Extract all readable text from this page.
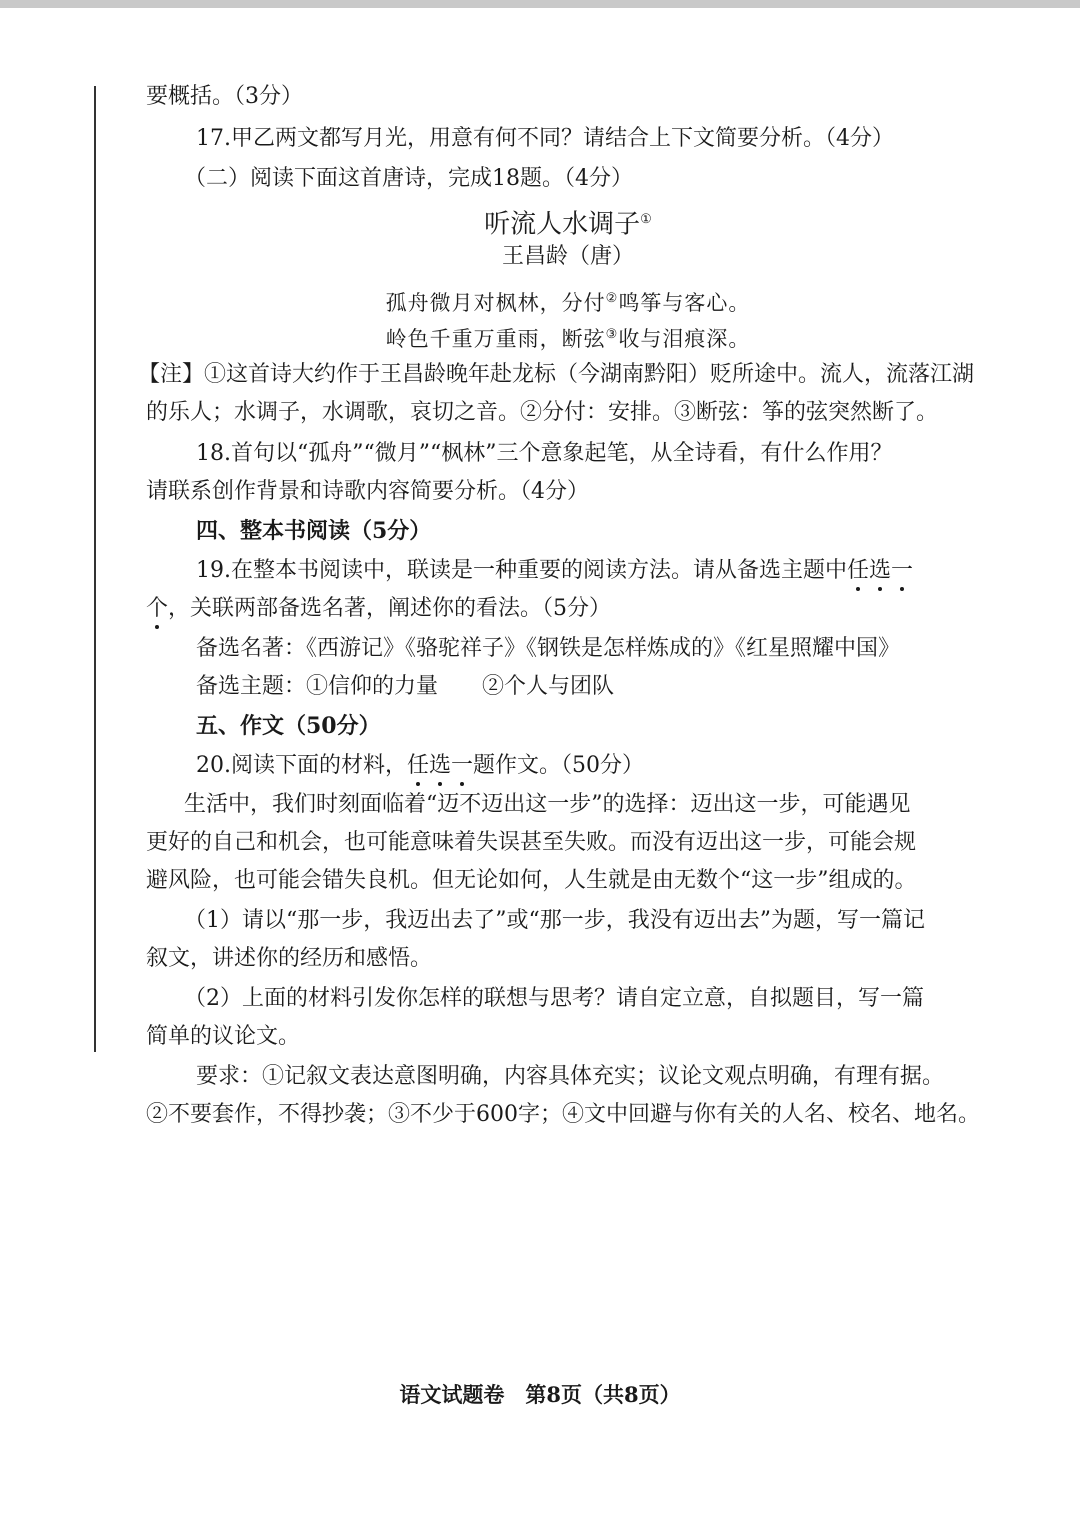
要概括。（3分）
17.甲乙两文都写月光，用意有何不同？请结合上下文简要分析。（4分）
（二）阅读下面这首唐诗，完成18题。（4分）
听流人水调子①
王昌龄（唐）
孤舟微月对枫林，分付②鸣筝与客心。
岭色千重万重雨，断弦③收与泪痕深。
【注】①这首诗大约作于王昌龄晚年赴龙标（今湖南黔阳）贬所途中。流人，流落江湖
的乐人；水调子，水调歌，哀切之音。②分付：安排。③断弦：筝的弦突然断了。
18.首句以“孤舟”“微月”“枫林”三个意象起笔，从全诗看，有什么作用？
请联系创作背景和诗歌内容简要分析。（4分）
四、整本书阅读（5分）
19.在整本书阅读中，联读是一种重要的阅读方法。请从备选主题中任选一
个，关联两部备选名著，阐述你的看法。（5分）
备选名著：《西游记》《骆驼祥子》《钢铁是怎样炼成的》《红星照耀中国》
备选主题：①信仰的力量　　②个人与团队
五、作文（50分）
20.阅读下面的材料，任选一题作文。（50分）
生活中，我们时刻面临着“迈不迈出这一步”的选择：迈出这一步，可能遇见
更好的自己和机会，也可能意味着失误甚至失败。而没有迈出这一步，可能会规
避风险，也可能会错失良机。但无论如何，人生就是由无数个“这一步”组成的。
（1）请以“那一步，我迈出去了”或“那一步，我没有迈出去”为题，写一篇记
叙文，讲述你的经历和感悟。
（2）上面的材料引发你怎样的联想与思考？请自定立意，自拟题目，写一篇
简单的议论文。
要求：①记叙文表达意图明确，内容具体充实；议论文观点明确，有理有据。
②不要套作，不得抄袭；③不少于600字；④文中回避与你有关的人名、校名、地名。
语文试题卷　第8页（共8页）
